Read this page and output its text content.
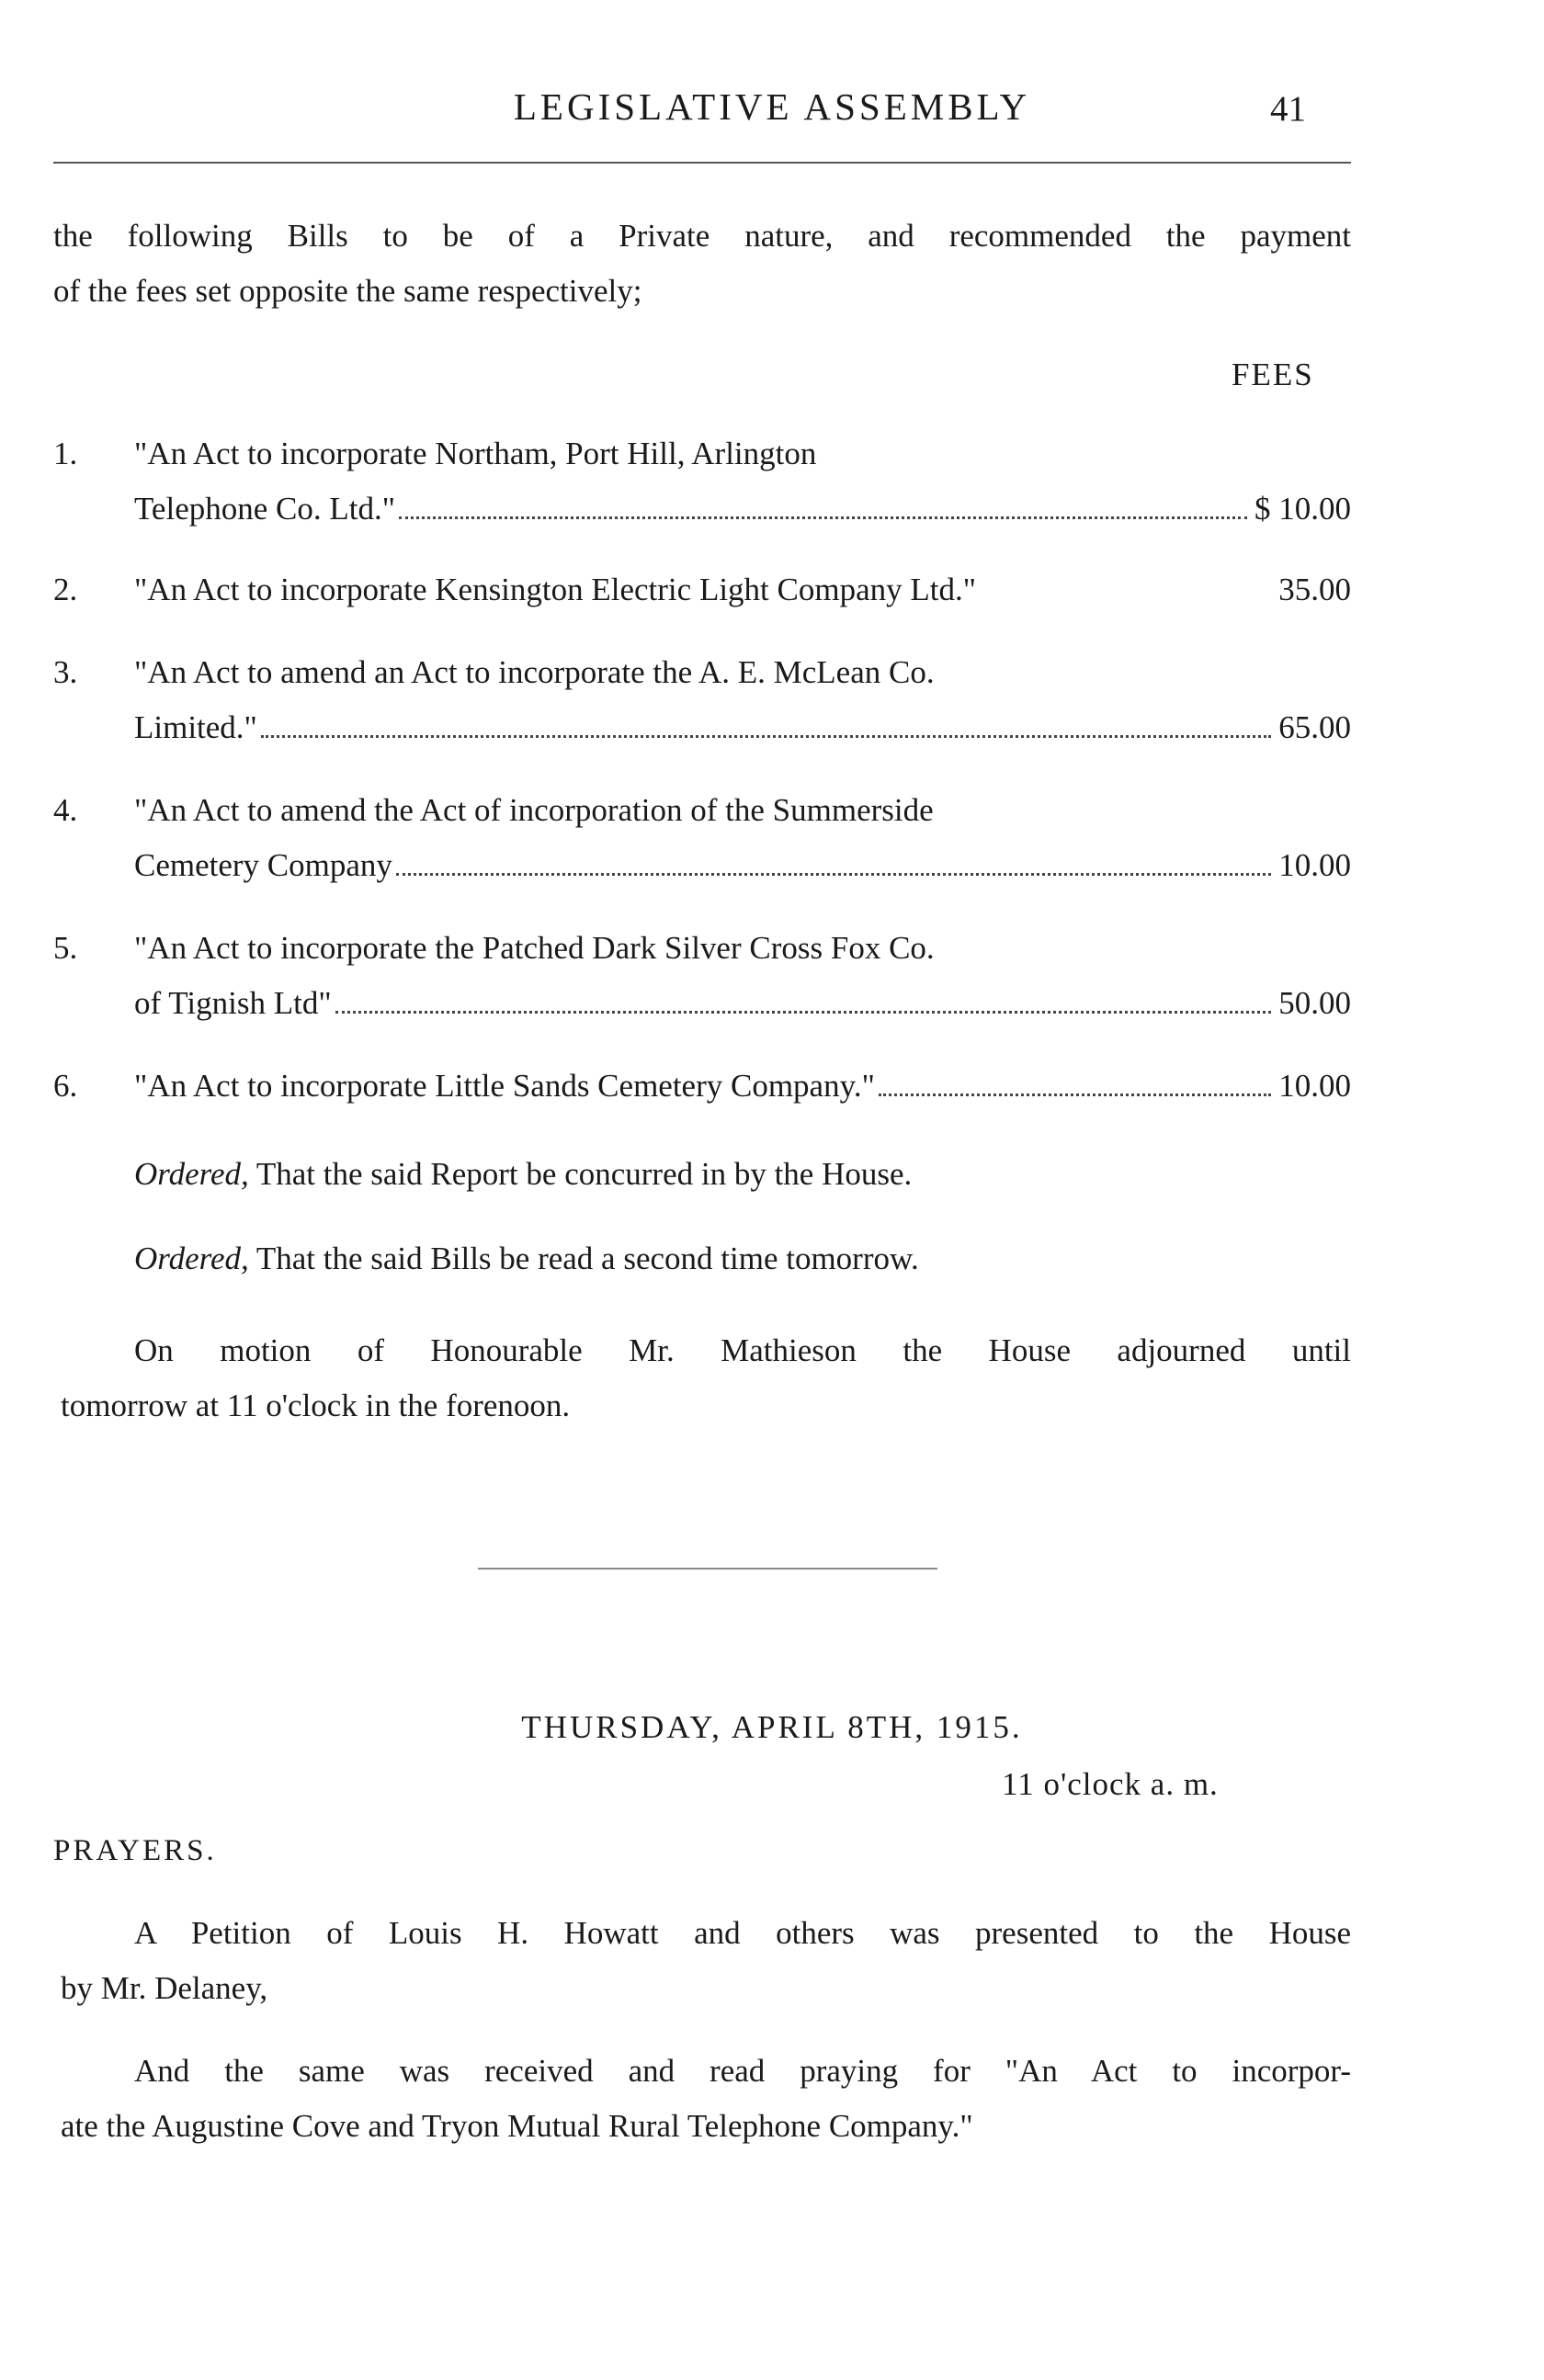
LEGISLATIVE ASSEMBLY	41
the following Bills to be of a Private nature, and recommended the payment
of the fees set opposite the same respectively;
FEES
1. "An Act to incorporate Northam, Port Hill, Arlington
Telephone Co. Ltd."	$ 10.00
2. "An Act to incorporate Kensington Electric Light Company Ltd."	35.00
3. "An Act to amend an Act to incorporate the A. E. McLean Co.
Limited."	65.00
4. "An Act to amend the Act of incorporation of the Summerside
Cemetery Company	10.00
5. "An Act to incorporate the Patched Dark Silver Cross Fox Co.
of Tignish Ltd"	50.00
6. "An Act to incorporate Little Sands Cemetery Company."	10.00
Ordered, That the said Report be concurred in by the House.
Ordered, That the said Bills be read a second time tomorrow.
On motion of Honourable Mr. Mathieson the House adjourned until
tomorrow at 11 o'clock in the forenoon.
THURSDAY, APRIL 8TH, 1915.
11 o'clock a. m.
PRAYERS.
A Petition of Louis H. Howatt and others was presented to the House
by Mr. Delaney,
And the same was received and read praying for "An Act to incorpor-
ate the Augustine Cove and Tryon Mutual Rural Telephone Company."
